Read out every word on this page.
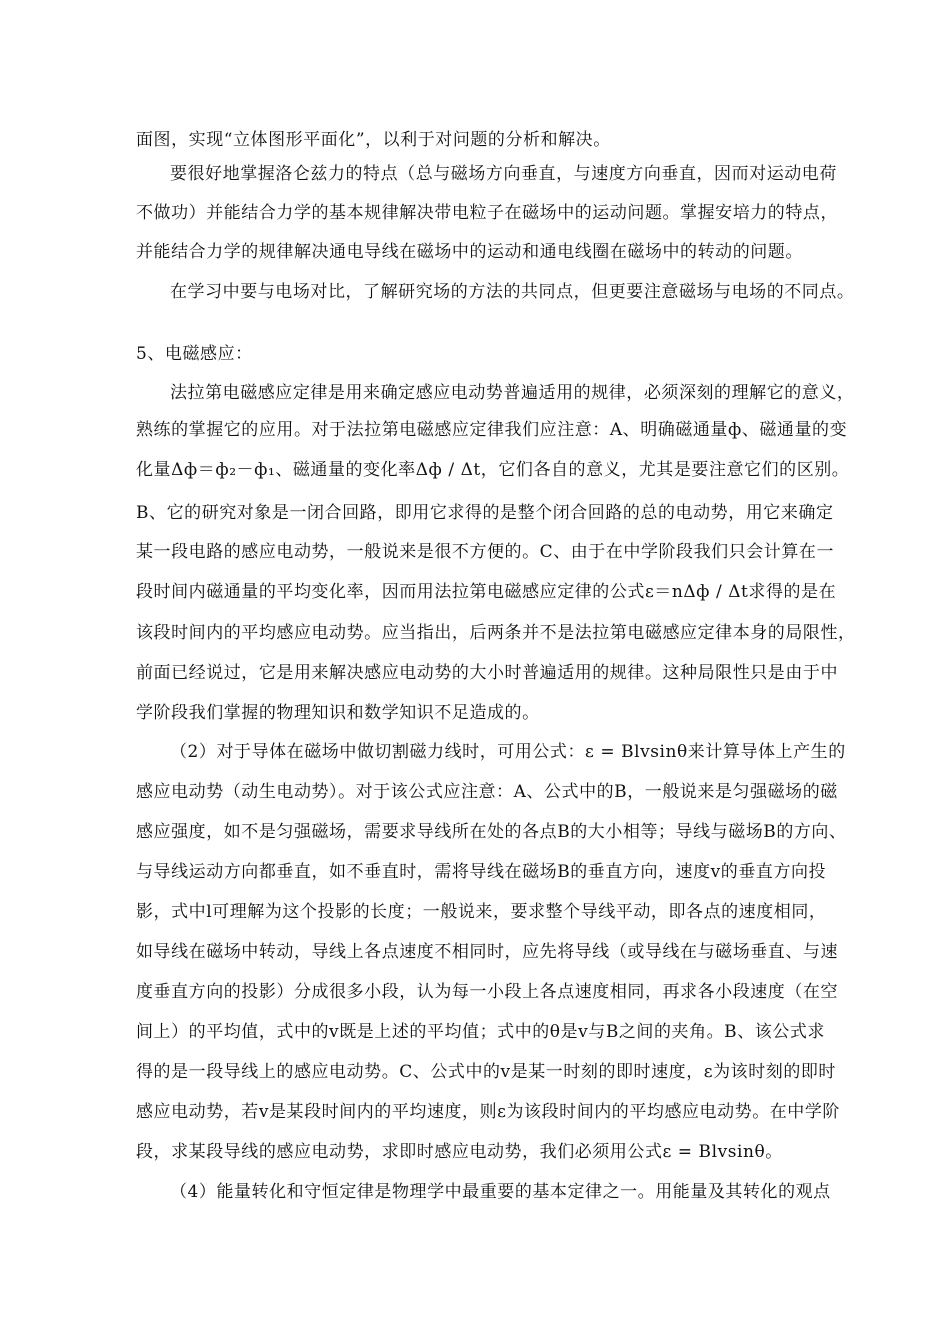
面图，实现“立体图形平面化”，以利于对问题的分析和解决。
要很好地掌握洛仑兹力的特点（总与磁场方向垂直，与速度方向垂直，因而对运动电荷
不做功）并能结合力学的基本规律解决带电粒子在磁场中的运动问题。掌握安培力的特点，
并能结合力学的规律解决通电导线在磁场中的运动和通电线圈在磁场中的转动的问题。
在学习中要与电场对比，了解研究场的方法的共同点，但更要注意磁场与电场的不同点。
5、电磁感应：
法拉第电磁感应定律是用来确定感应电动势普遍适用的规律，必须深刻的理解它的意义，
熟练的掌握它的应用。对于法拉第电磁感应定律我们应注意：A、明确磁通量ф、磁通量的变
化量Δф＝ф₂－ф₁、磁通量的变化率Δф / Δt，它们各自的意义，尤其是要注意它们的区别。
B、它的研究对象是一闭合回路，即用它求得的是整个闭合回路的总的电动势，用它来确定
某一段电路的感应电动势，一般说来是很不方便的。C、由于在中学阶段我们只会计算在一
段时间内磁通量的平均变化率，因而用法拉第电磁感应定律的公式ε＝nΔф / Δt求得的是在
该段时间内的平均感应电动势。应当指出，后两条并不是法拉第电磁感应定律本身的局限性，
前面已经说过，它是用来解决感应电动势的大小时普遍适用的规律。这种局限性只是由于中
学阶段我们掌握的物理知识和数学知识不足造成的。
（2）对于导体在磁场中做切割磁力线时，可用公式：ε = Blvsinθ来计算导体上产生的
感应电动势（动生电动势）。对于该公式应注意：A、公式中的B，一般说来是匀强磁场的磁
感应强度，如不是匀强磁场，需要求导线所在处的各点B的大小相等；导线与磁场B的方向、
与导线运动方向都垂直，如不垂直时，需将导线在磁场B的垂直方向，速度v的垂直方向投
影，式中l可理解为这个投影的长度；一般说来，要求整个导线平动，即各点的速度相同，
如导线在磁场中转动，导线上各点速度不相同时，应先将导线（或导线在与磁场垂直、与速
度垂直方向的投影）分成很多小段，认为每一小段上各点速度相同，再求各小段速度（在空
间上）的平均值，式中的v既是上述的平均值；式中的θ是v与B之间的夹角。B、该公式求
得的是一段导线上的感应电动势。C、公式中的v是某一时刻的即时速度，ε为该时刻的即时
感应电动势，若v是某段时间内的平均速度，则ε为该段时间内的平均感应电动势。在中学阶
段，求某段导线的感应电动势，求即时感应电动势，我们必须用公式ε = Blvsinθ。
（4）能量转化和守恒定律是物理学中最重要的基本定律之一。用能量及其转化的观点
